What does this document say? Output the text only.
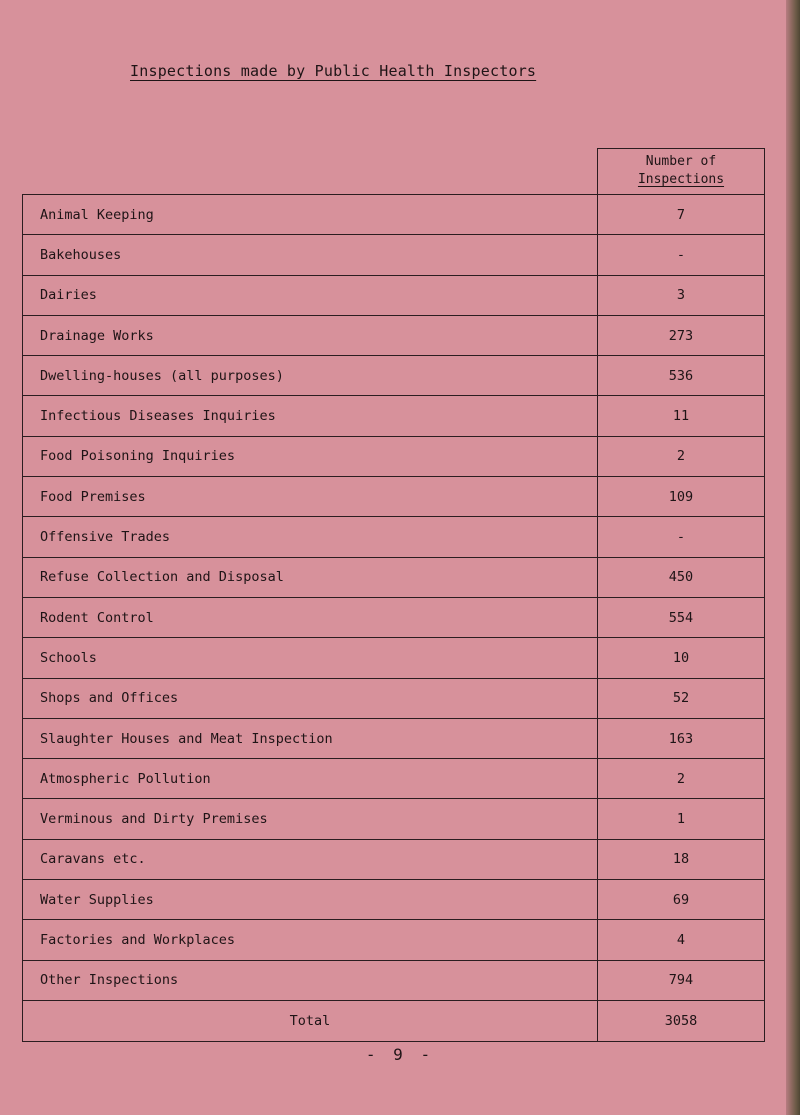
Inspections made by Public Health Inspectors
Number of
Inspections
Animal Keeping	7
Bakehouses	-
Dairies	3
Drainage Works	273
Dwelling-houses (all purposes)	536
Infectious Diseases Inquiries	11
Food Poisoning Inquiries	2
Food Premises	109
Offensive Trades	-
Refuse Collection and Disposal	450
Rodent Control	554
Schools	10
Shops and Offices	52
Slaughter Houses and Meat Inspection	163
Atmospheric Pollution	2
Verminous and Dirty Premises	1
Caravans etc.	18
Water Supplies	69
Factories and Workplaces	4
Other Inspections	794
Total	3058
- 9 -
